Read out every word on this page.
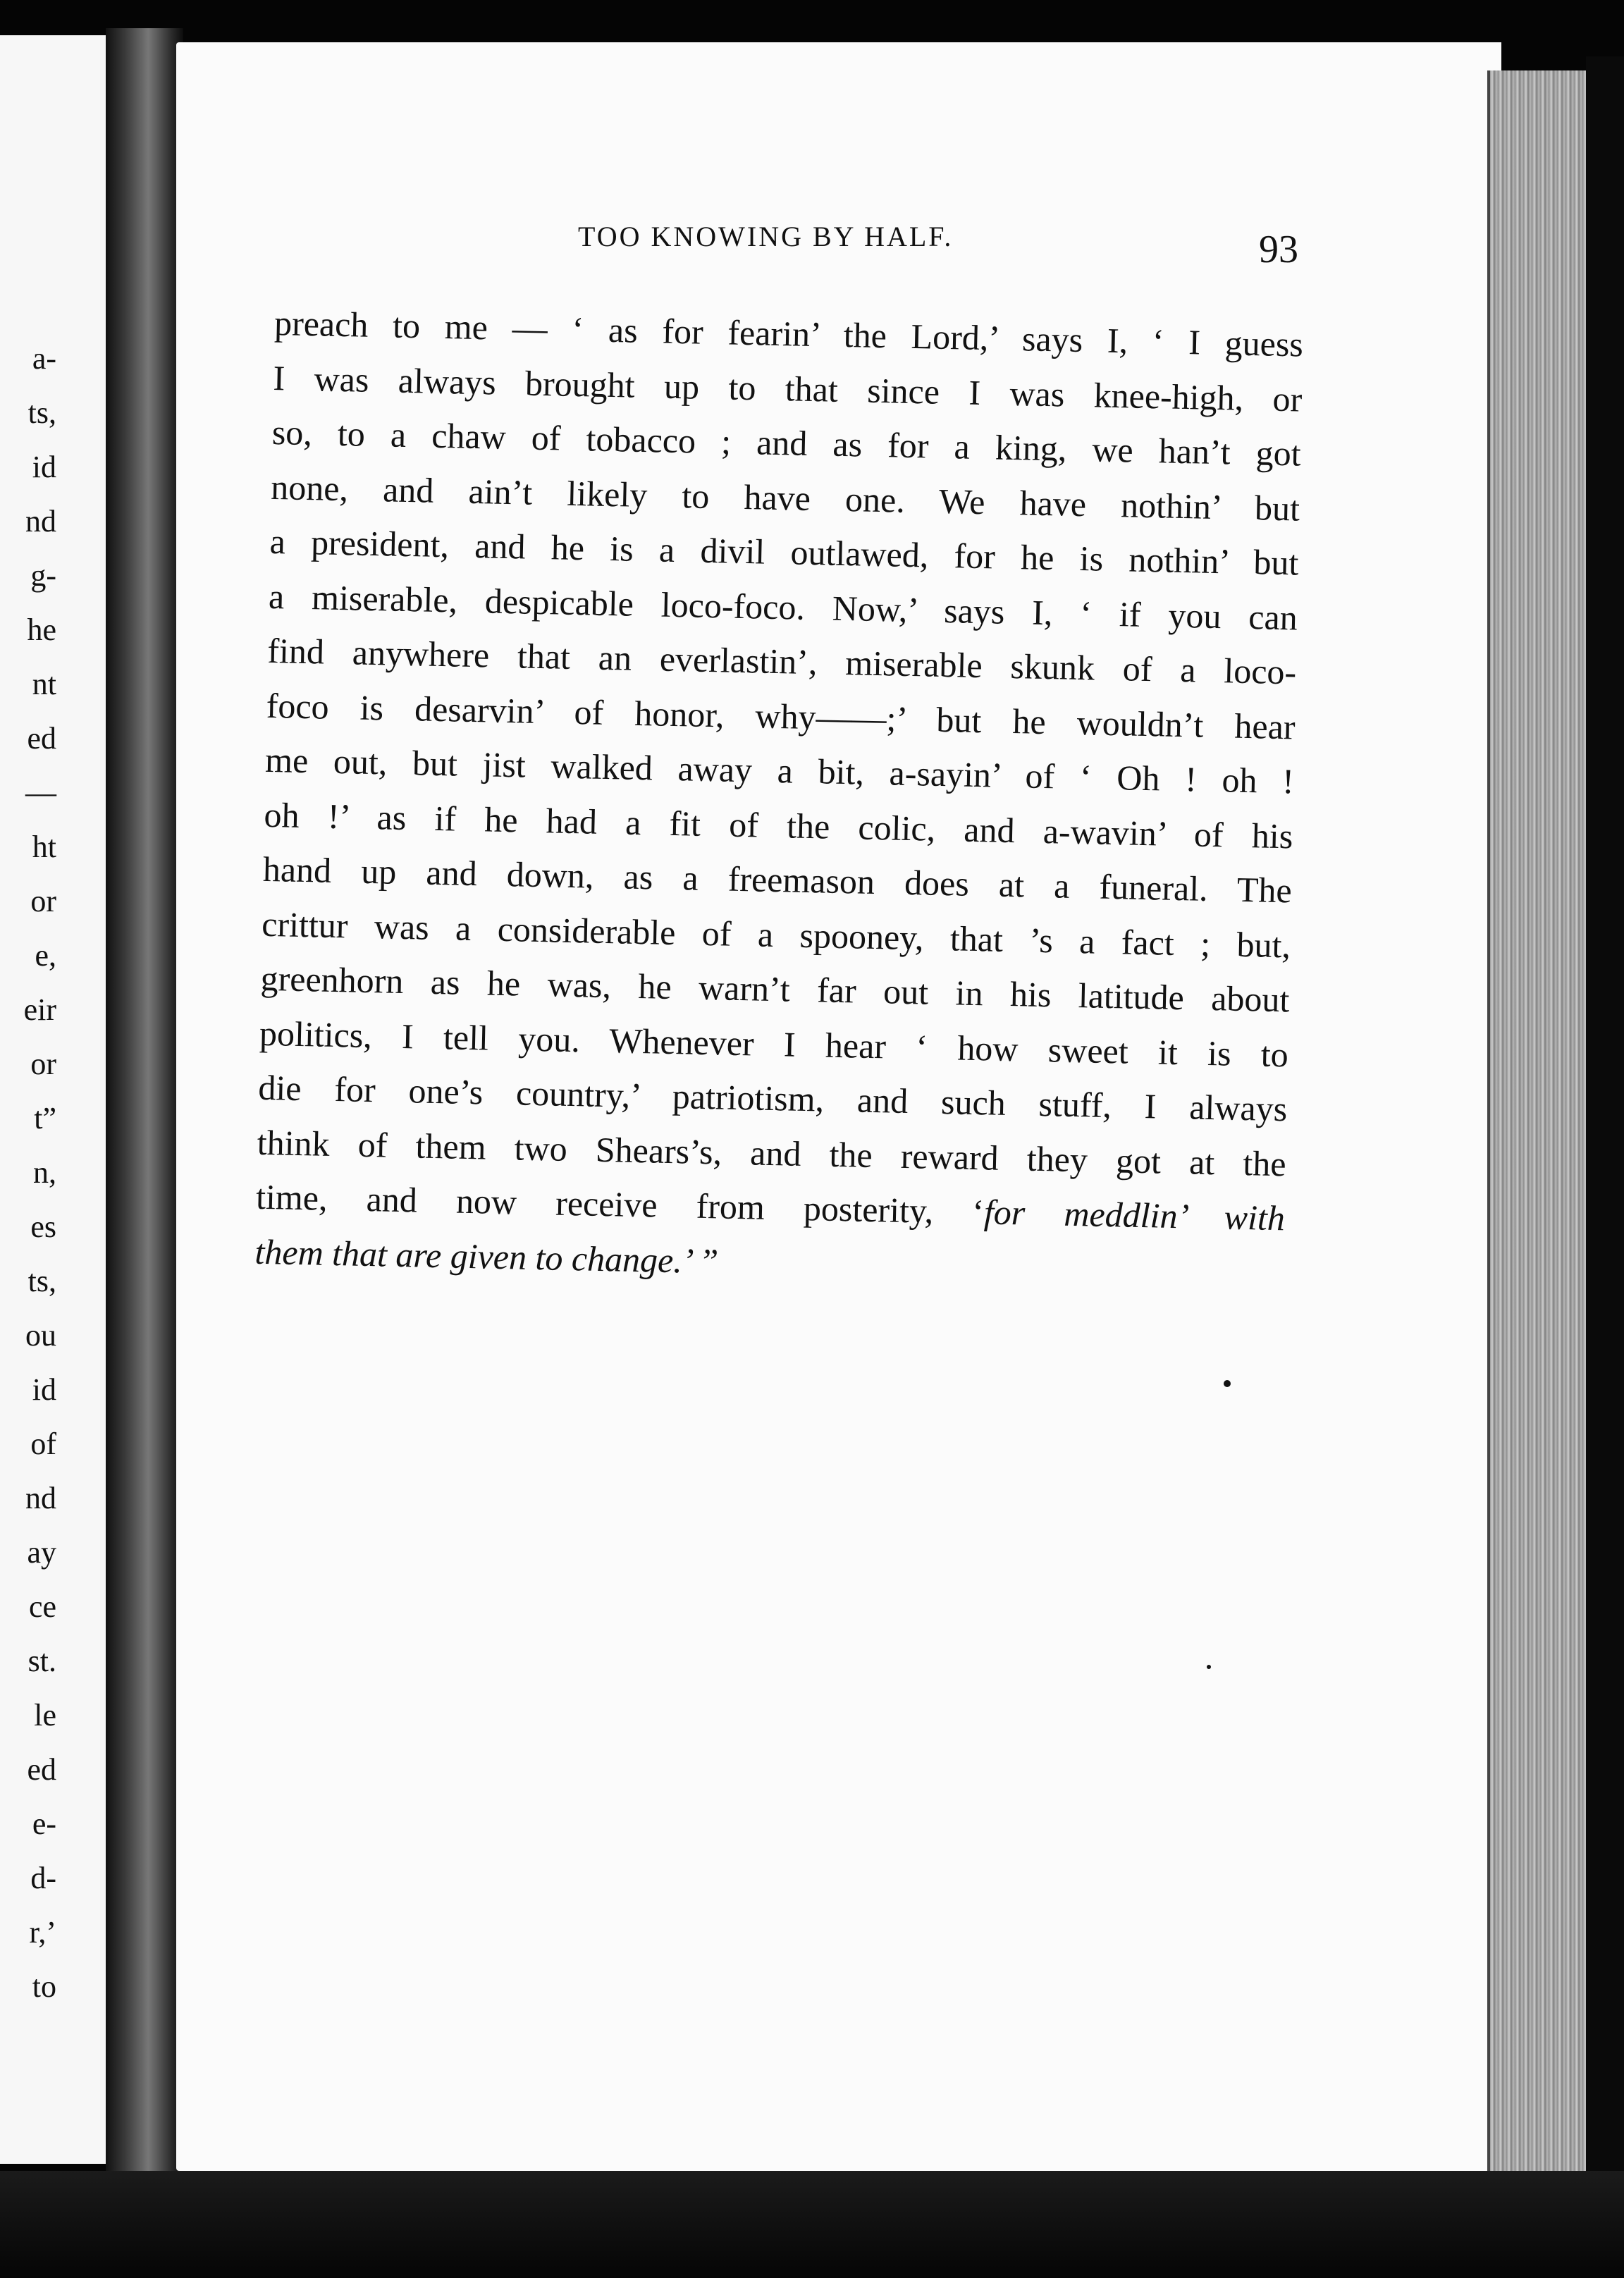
a-
ts,
id
nd
g-
he
nt
ed
—
ht
or
e,
eir
or
t”
n,
es
ts,
ou
id
of
nd
ay
ce
st.
le
ed
e-
d-
r,’
to
TOO KNOWING BY HALF.	93
preach to me — ‘ as for fearin’ the Lord,’ says I, ‘ I guess
I was always brought up to that since I was knee-high, or
so, to a chaw of tobacco ; and as for a king, we han’t got
none, and ain’t likely to have one. We have nothin’ but
a president, and he is a divil outlawed, for he is nothin’ but
a miserable, despicable loco-foco. Now,’ says I, ‘ if you can
find anywhere that an everlastin’, miserable skunk of a loco-
foco is desarvin’ of honor, why——;’ but he wouldn’t hear
me out, but jist walked away a bit, a-sayin’ of ‘ Oh ! oh !
oh !’ as if he had a fit of the colic, and a-wavin’ of his
hand up and down, as a freemason does at a funeral. The
crittur was a considerable of a spooney, that ’s a fact ; but,
greenhorn as he was, he warn’t far out in his latitude about
politics, I tell you. Whenever I hear ‘ how sweet it is to
die for one’s country,’ patriotism, and such stuff, I always
think of them two Shears’s, and the reward they got at the
time, and now receive from posterity, ‘for meddlin’ with
them that are given to change.’ ”
